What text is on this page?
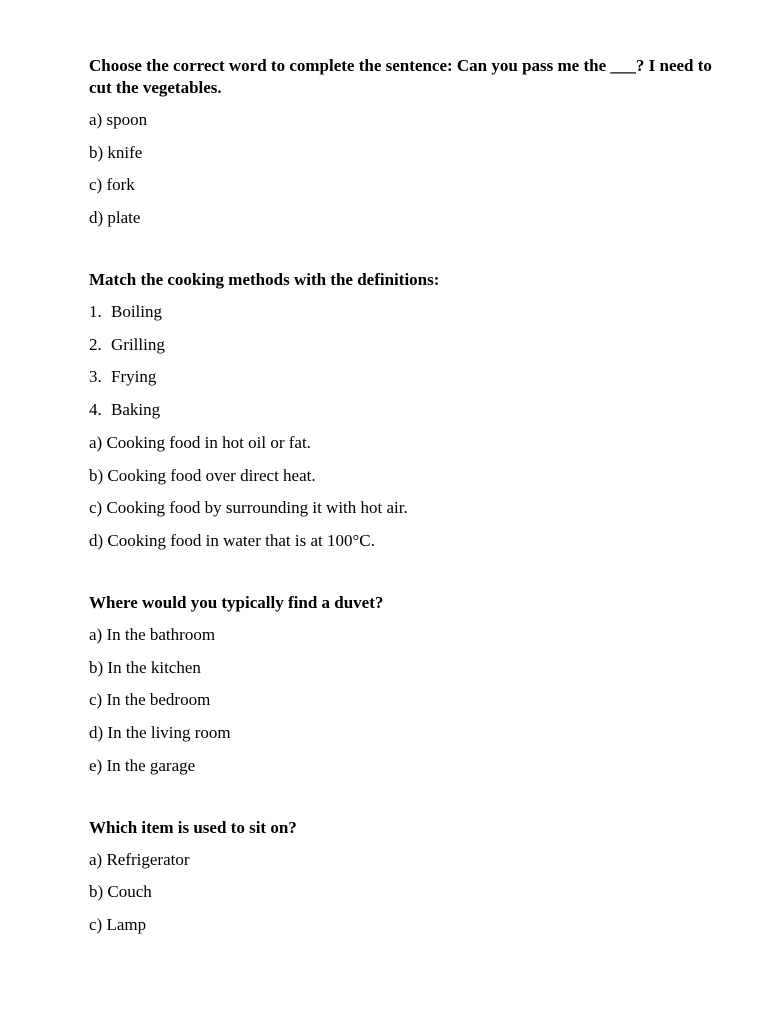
Choose the correct word to complete the sentence: Can you pass me the ___? I need to cut the vegetables.
a) spoon
b) knife
c) fork
d) plate
Match the cooking methods with the definitions:
1. Boiling
2. Grilling
3. Frying
4. Baking
a) Cooking food in hot oil or fat.
b) Cooking food over direct heat.
c) Cooking food by surrounding it with hot air.
d) Cooking food in water that is at 100°C.
Where would you typically find a duvet?
a) In the bathroom
b) In the kitchen
c) In the bedroom
d) In the living room
e) In the garage
Which item is used to sit on?
a) Refrigerator
b) Couch
c) Lamp
